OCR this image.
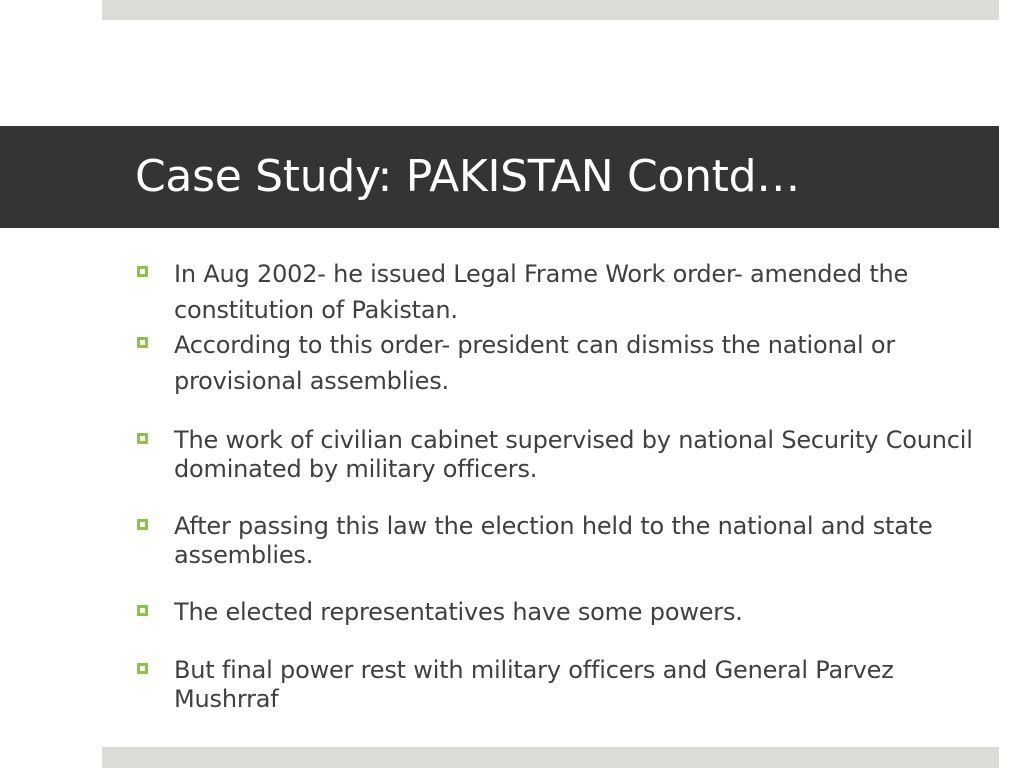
Case Study: PAKISTAN Contd…
In Aug 2002- he issued Legal Frame Work order- amended the constitution of Pakistan.
According to this order- president can dismiss the national or provisional assemblies.
The work of civilian cabinet supervised by national Security Council dominated by military officers.
After passing this law the election held to the national and state assemblies.
The elected representatives have some powers.
But final power rest with military officers and General Parvez Mushrraf
